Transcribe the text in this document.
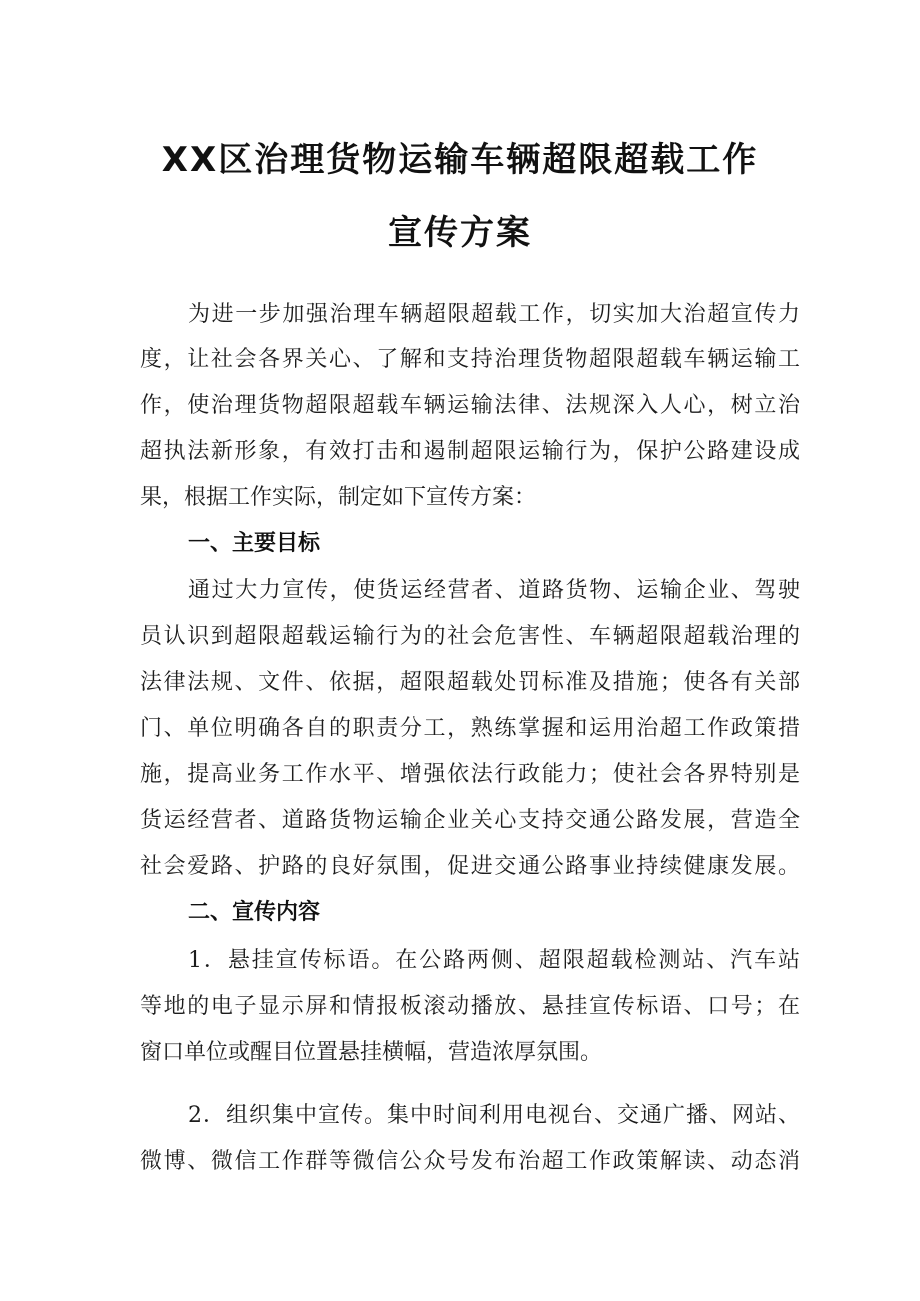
XX区治理货物运输车辆超限超载工作
宣传方案
为进一步加强治理车辆超限超载工作，切实加大治超宣传力
度，让社会各界关心、了解和支持治理货物超限超载车辆运输工
作，使治理货物超限超载车辆运输法律、法规深入人心，树立治
超执法新形象，有效打击和遏制超限运输行为，保护公路建设成
果，根据工作实际，制定如下宣传方案：
一、主要目标
通过大力宣传，使货运经营者、道路货物、运输企业、驾驶
员认识到超限超载运输行为的社会危害性、车辆超限超载治理的
法律法规、文件、依据，超限超载处罚标准及措施；使各有关部
门、单位明确各自的职责分工，熟练掌握和运用治超工作政策措
施，提高业务工作水平、增强依法行政能力；使社会各界特别是
货运经营者、道路货物运输企业关心支持交通公路发展，营造全
社会爱路、护路的良好氛围，促进交通公路事业持续健康发展。
二、宣传内容
1．悬挂宣传标语。在公路两侧、超限超载检测站、汽车站
等地的电子显示屏和情报板滚动播放、悬挂宣传标语、口号；在
窗口单位或醒目位置悬挂横幅，营造浓厚氛围。
2．组织集中宣传。集中时间利用电视台、交通广播、网站、
微博、微信工作群等微信公众号发布治超工作政策解读、动态消
